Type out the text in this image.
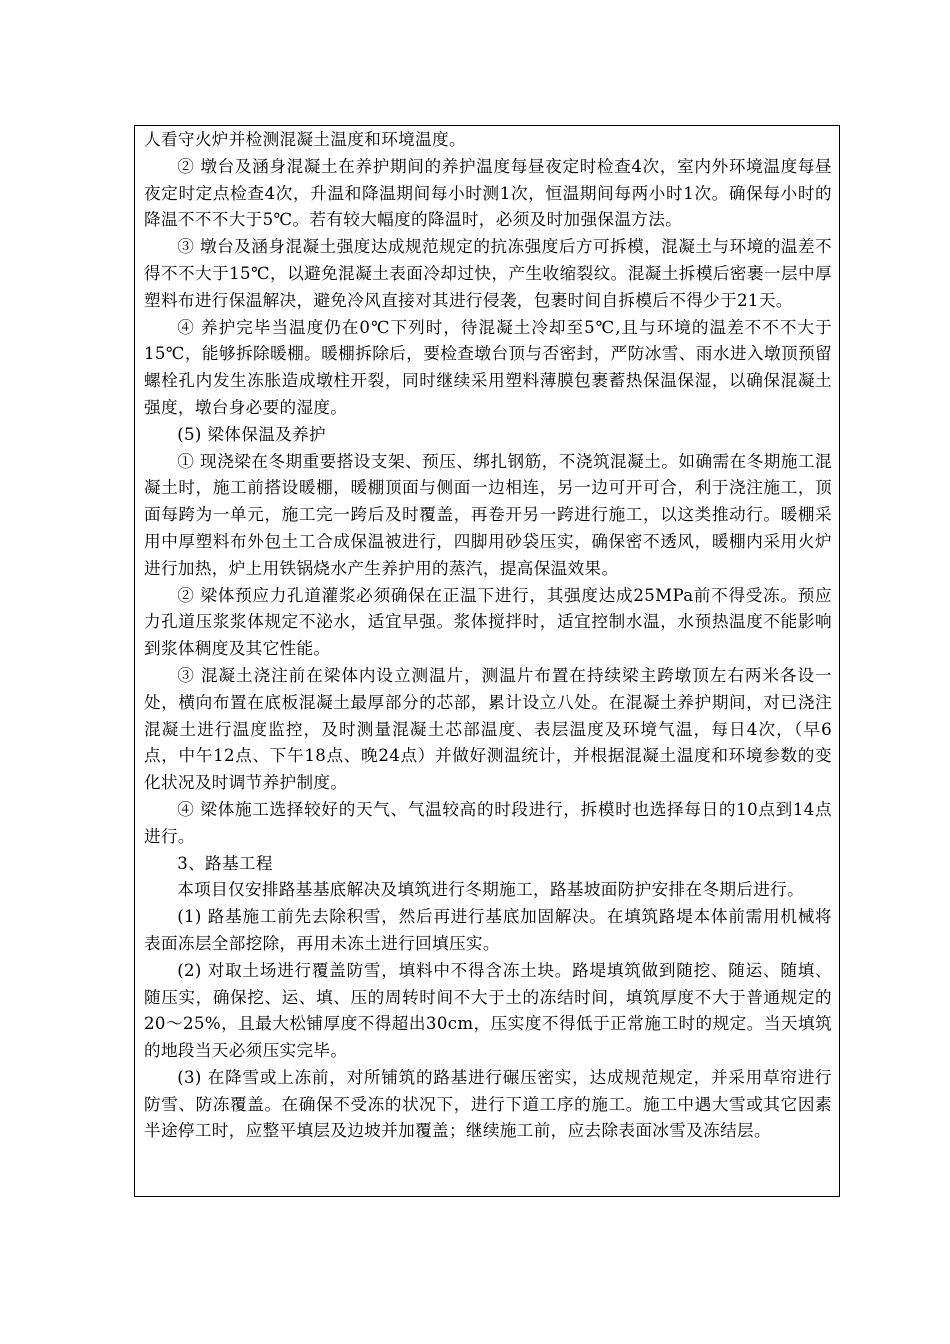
人看守火炉并检测混凝土温度和环境温度。

② 墩台及涵身混凝土在养护期间的养护温度每昼夜定时检查4次，室内外环境温度每昼夜定时定点检查4次，升温和降温期间每小时测1次，恒温期间每两小时1次。确保每小时的降温不不不大于5℃。若有较大幅度的降温时，必须及时加强保温方法。

③ 墩台及涵身混凝土强度达成规范规定的抗冻强度后方可拆模，混凝土与环境的温差不得不不大于15℃，以避免混凝土表面冷却过快，产生收缩裂纹。混凝土拆模后密裹一层中厚塑料布进行保温解决，避免冷风直接对其进行侵袭，包裹时间自拆模后不得少于21天。

④ 养护完毕当温度仍在0℃下列时，待混凝土冷却至5℃,且与环境的温差不不不大于15℃，能够拆除暖棚。暖棚拆除后，要检查墩台顶与否密封，严防冰雪、雨水进入墩顶预留螺栓孔内发生冻胀造成墩柱开裂，同时继续采用塑料薄膜包裹蓄热保温保湿，以确保混凝土强度，墩台身必要的湿度。

(5) 梁体保温及养护

① 现浇梁在冬期重要搭设支架、预压、绑扎钢筋，不浇筑混凝土。如确需在冬期施工混凝土时，施工前搭设暖棚，暖棚顶面与侧面一边相连，另一边可开可合，利于浇注施工，顶面每跨为一单元，施工完一跨后及时覆盖，再卷开另一跨进行施工，以这类推动行。暖棚采用中厚塑料布外包土工合成保温被进行，四脚用砂袋压实，确保密不透风，暖棚内采用火炉进行加热，炉上用铁锅烧水产生养护用的蒸汽，提高保温效果。

② 梁体预应力孔道灌浆必须确保在正温下进行，其强度达成25MPa前不得受冻。预应力孔道压浆浆体规定不泌水，适宜早强。浆体搅拌时，适宜控制水温，水预热温度不能影响到浆体稠度及其它性能。

③ 混凝土浇注前在梁体内设立测温片，测温片布置在持续梁主跨墩顶左右两米各设一处，横向布置在底板混凝土最厚部分的芯部，累计设立八处。在混凝土养护期间，对已浇注混凝土进行温度监控，及时测量混凝土芯部温度、表层温度及环境气温，每日4次，（早6点，中午12点、下午18点、晚24点）并做好测温统计，并根据混凝土温度和环境参数的变化状况及时调节养护制度。

④ 梁体施工选择较好的天气、气温较高的时段进行，拆模时也选择每日的10点到14点进行。

3、路基工程

本项目仅安排路基基底解决及填筑进行冬期施工，路基坡面防护安排在冬期后进行。

(1) 路基施工前先去除积雪，然后再进行基底加固解决。在填筑路堤本体前需用机械将表面冻层全部挖除，再用未冻土进行回填压实。

(2) 对取土场进行覆盖防雪，填料中不得含冻土块。路堤填筑做到随挖、随运、随填、随压实，确保挖、运、填、压的周转时间不大于土的冻结时间，填筑厚度不大于普通规定的20～25%，且最大松铺厚度不得超出30cm，压实度不得低于正常施工时的规定。当天填筑的地段当天必须压实完毕。

(3) 在降雪或上冻前，对所铺筑的路基进行碾压密实，达成规范规定，并采用草帘进行防雪、防冻覆盖。在确保不受冻的状况下，进行下道工序的施工。施工中遇大雪或其它因素半途停工时，应整平填层及边坡并加覆盖；继续施工前，应去除表面冰雪及冻结层。
